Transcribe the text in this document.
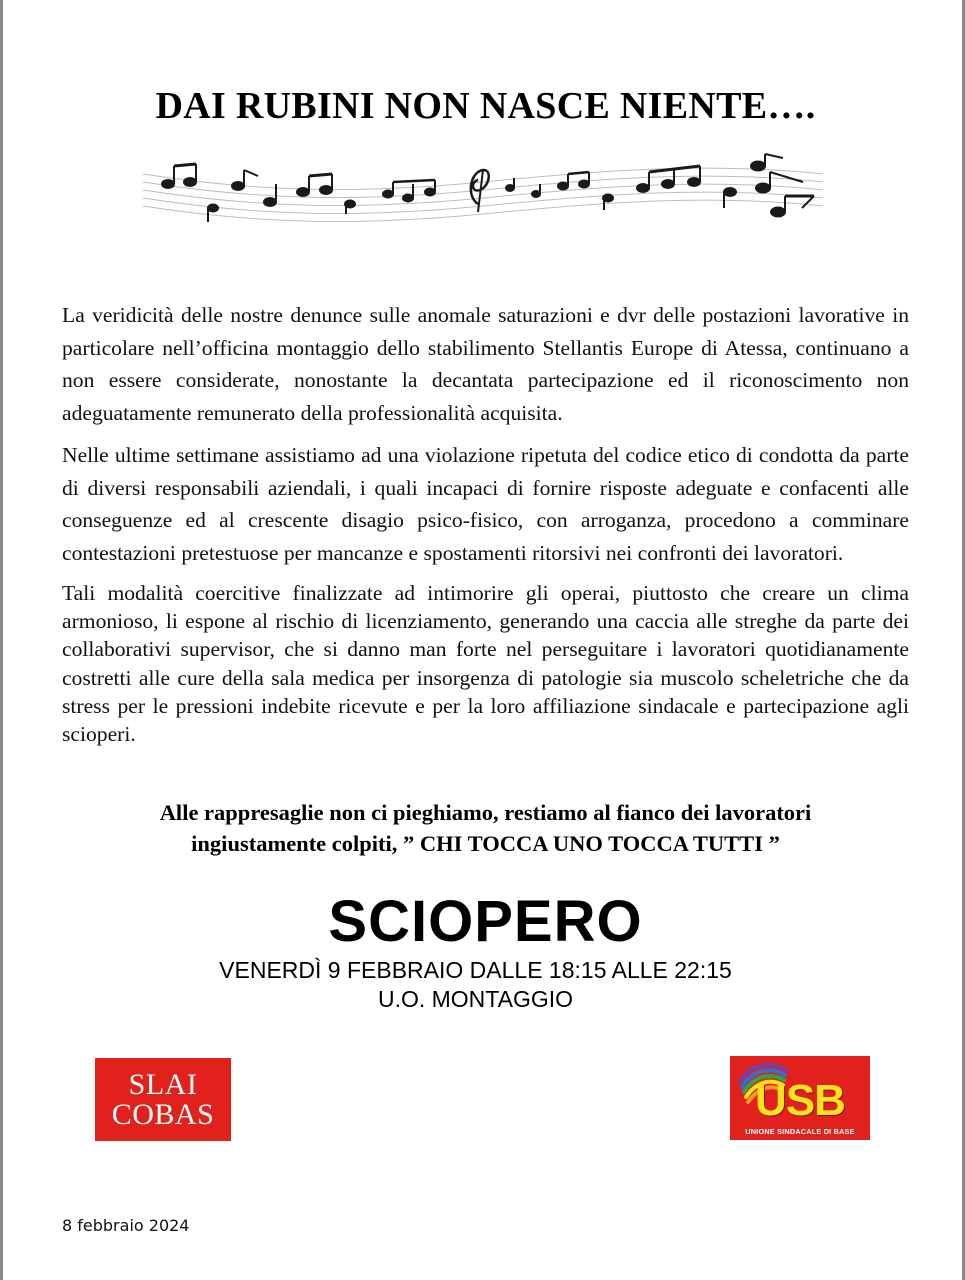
DAI RUBINI NON NASCE NIENTE….

La veridicità delle nostre denunce sulle anomale saturazioni e dvr delle postazioni lavorative in particolare nell’officina montaggio dello stabilimento Stellantis Europe di Atessa, continuano a non essere considerate, nonostante la decantata partecipazione ed il riconoscimento non adeguatamente remunerato della professionalità acquisita.

Nelle ultime settimane assistiamo ad una violazione ripetuta del codice etico di condotta da parte di diversi responsabili aziendali, i quali incapaci di fornire risposte adeguate e confacenti alle conseguenze ed al crescente disagio psico-fisico, con arroganza, procedono a comminare contestazioni pretestuose per mancanze e spostamenti ritorsivi nei confronti dei lavoratori.

Tali modalità coercitive finalizzate ad intimorire gli operai, piuttosto che creare un clima armonioso, li espone al rischio di licenziamento, generando una caccia alle streghe da parte dei collaborativi supervisor, che si danno man forte nel perseguitare i lavoratori quotidianamente costretti alle cure della sala medica per insorgenza di patologie sia muscolo scheletriche che da stress per le pressioni indebite ricevute e per la loro affiliazione sindacale e partecipazione agli scioperi.

Alle rappresaglie non ci pieghiamo, restiamo al fianco dei lavoratori
ingiustamente colpiti, ” CHI TOCCA UNO TOCCA TUTTI ”
SCIOPERO
VENERDÌ 9 FEBBRAIO DALLE 18:15 ALLE 22:15
U.O. MONTAGGIO
SLAI
COBAS	USB
UNIONE SINDACALE DI BASE
8 febbraio 2024
